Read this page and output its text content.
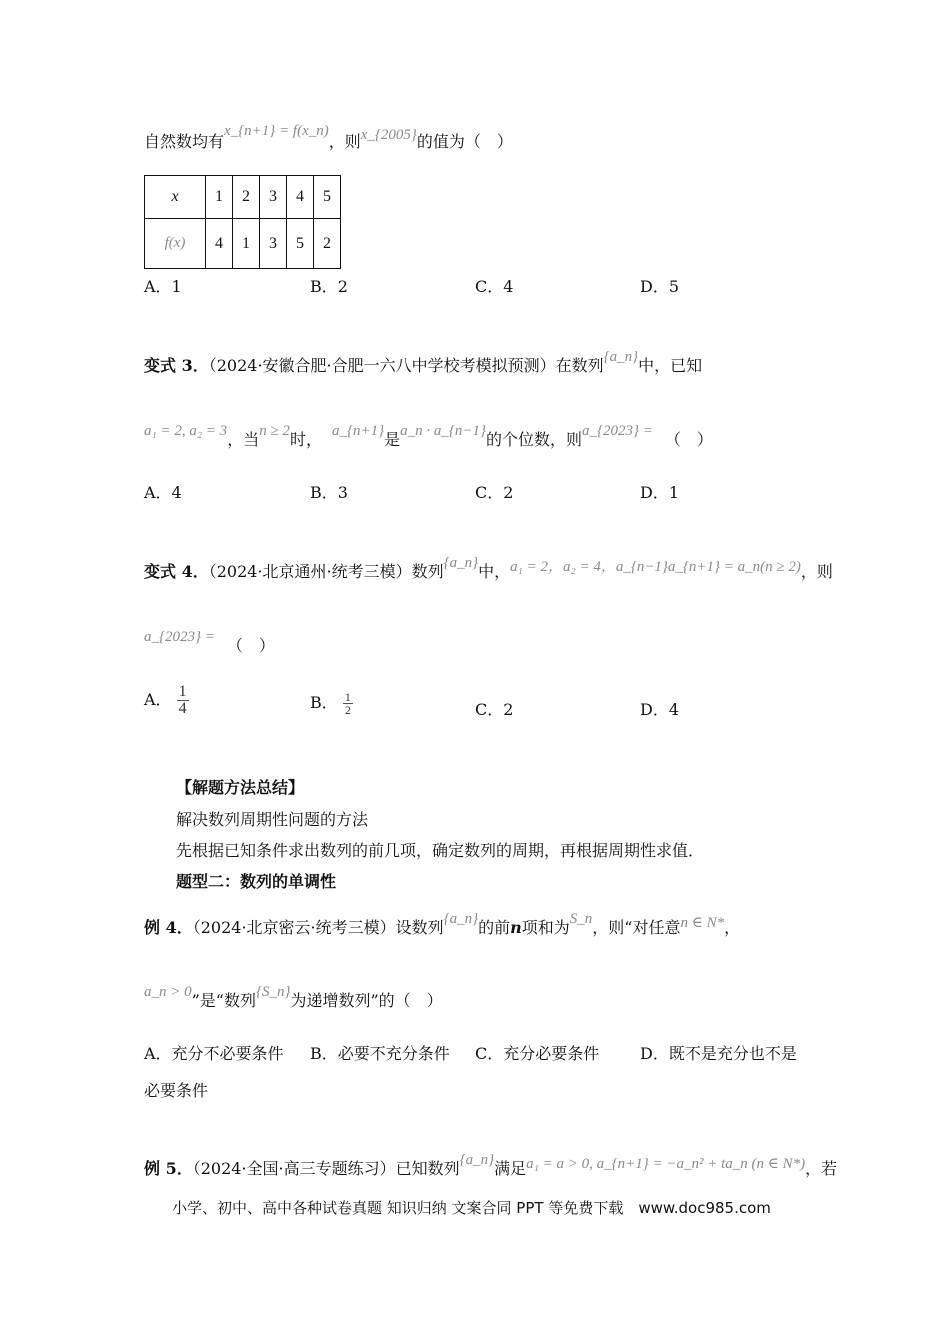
自然数均有x_{n+1} = f(x_n)，则x_{2005}的值为（　）
x	1	2	3	4	5
f(x)	4	1	3	5	2
A．1	B．2	C．4	D．5
变式 3．（2024·安徽合肥·合肥一六八中学校考模拟预测）在数列{a_n}中，已知
a₁ = 2, a₂ = 3，当n ≥ 2时， a_{n+1}是a_n · a_{n−1}的个位数，则a_{2023} = （　）
A．4	B．3	C．2	D．1
变式 4．（2024·北京通州·统考三模）数列{a_n}中，a₁ = 2，a₂ = 4，a_{n−1}a_{n+1} = a_n(n ≥ 2)，则
a_{2023} = （　）
A． $\frac{1}{4}$	B． $\frac{1}{2}$	C．2	D．4
【解题方法总结】
解决数列周期性问题的方法
先根据已知条件求出数列的前几项，确定数列的周期，再根据周期性求值．
题型二：数列的单调性
例 4．（2024·北京密云·统考三模）设数列{a_n}的前n项和为S_n，则“对任意n ∈ N*，
a_n > 0”是“数列{S_n}为递增数列”的（　）
A．充分不必要条件 B．必要不充分条件 C．充分必要条件	D．既不是充分也不是
必要条件
例 5．（2024·全国·高三专题练习）已知数列{a_n}满足a₁ = a > 0, a_{n+1} = −a_n² + ta_n (n ∈ N*)，若
小学、初中、高中各种试卷真题 知识归纳 文案合同 PPT 等免费下载　www.doc985.com
